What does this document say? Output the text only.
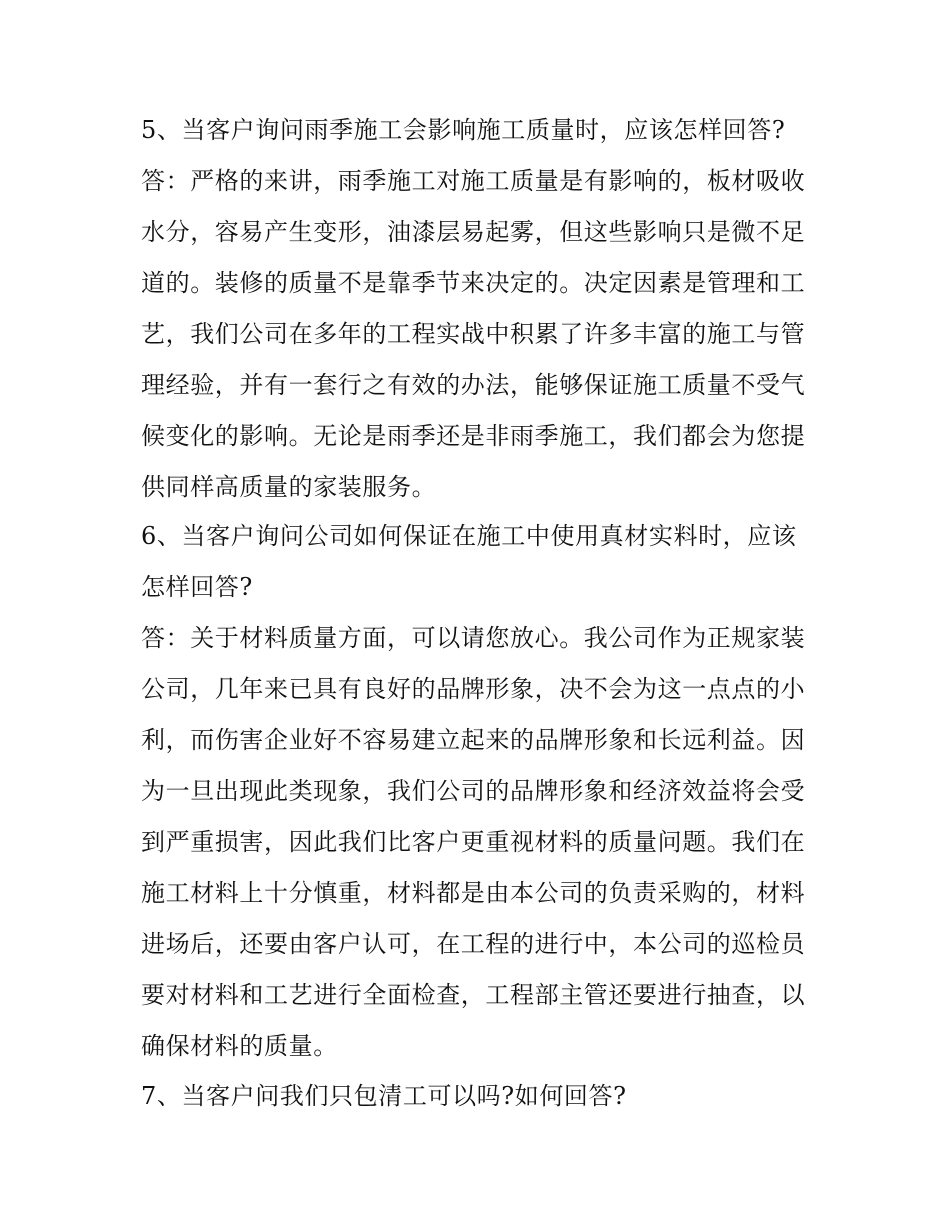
5、当客户询问雨季施工会影响施工质量时，应该怎样回答?
答：严格的来讲，雨季施工对施工质量是有影响的，板材吸收
水分，容易产生变形，油漆层易起雾，但这些影响只是微不足
道的。装修的质量不是靠季节来决定的。决定因素是管理和工
艺，我们公司在多年的工程实战中积累了许多丰富的施工与管
理经验，并有一套行之有效的办法，能够保证施工质量不受气
候变化的影响。无论是雨季还是非雨季施工，我们都会为您提
供同样高质量的家装服务。
6、当客户询问公司如何保证在施工中使用真材实料时，应该
怎样回答?
答：关于材料质量方面，可以请您放心。我公司作为正规家装
公司，几年来已具有良好的品牌形象，决不会为这一点点的小
利，而伤害企业好不容易建立起来的品牌形象和长远利益。因
为一旦出现此类现象，我们公司的品牌形象和经济效益将会受
到严重损害，因此我们比客户更重视材料的质量问题。我们在
施工材料上十分慎重，材料都是由本公司的负责采购的，材料
进场后，还要由客户认可，在工程的进行中，本公司的巡检员
要对材料和工艺进行全面检查，工程部主管还要进行抽查，以
确保材料的质量。
7、当客户问我们只包清工可以吗?如何回答?
